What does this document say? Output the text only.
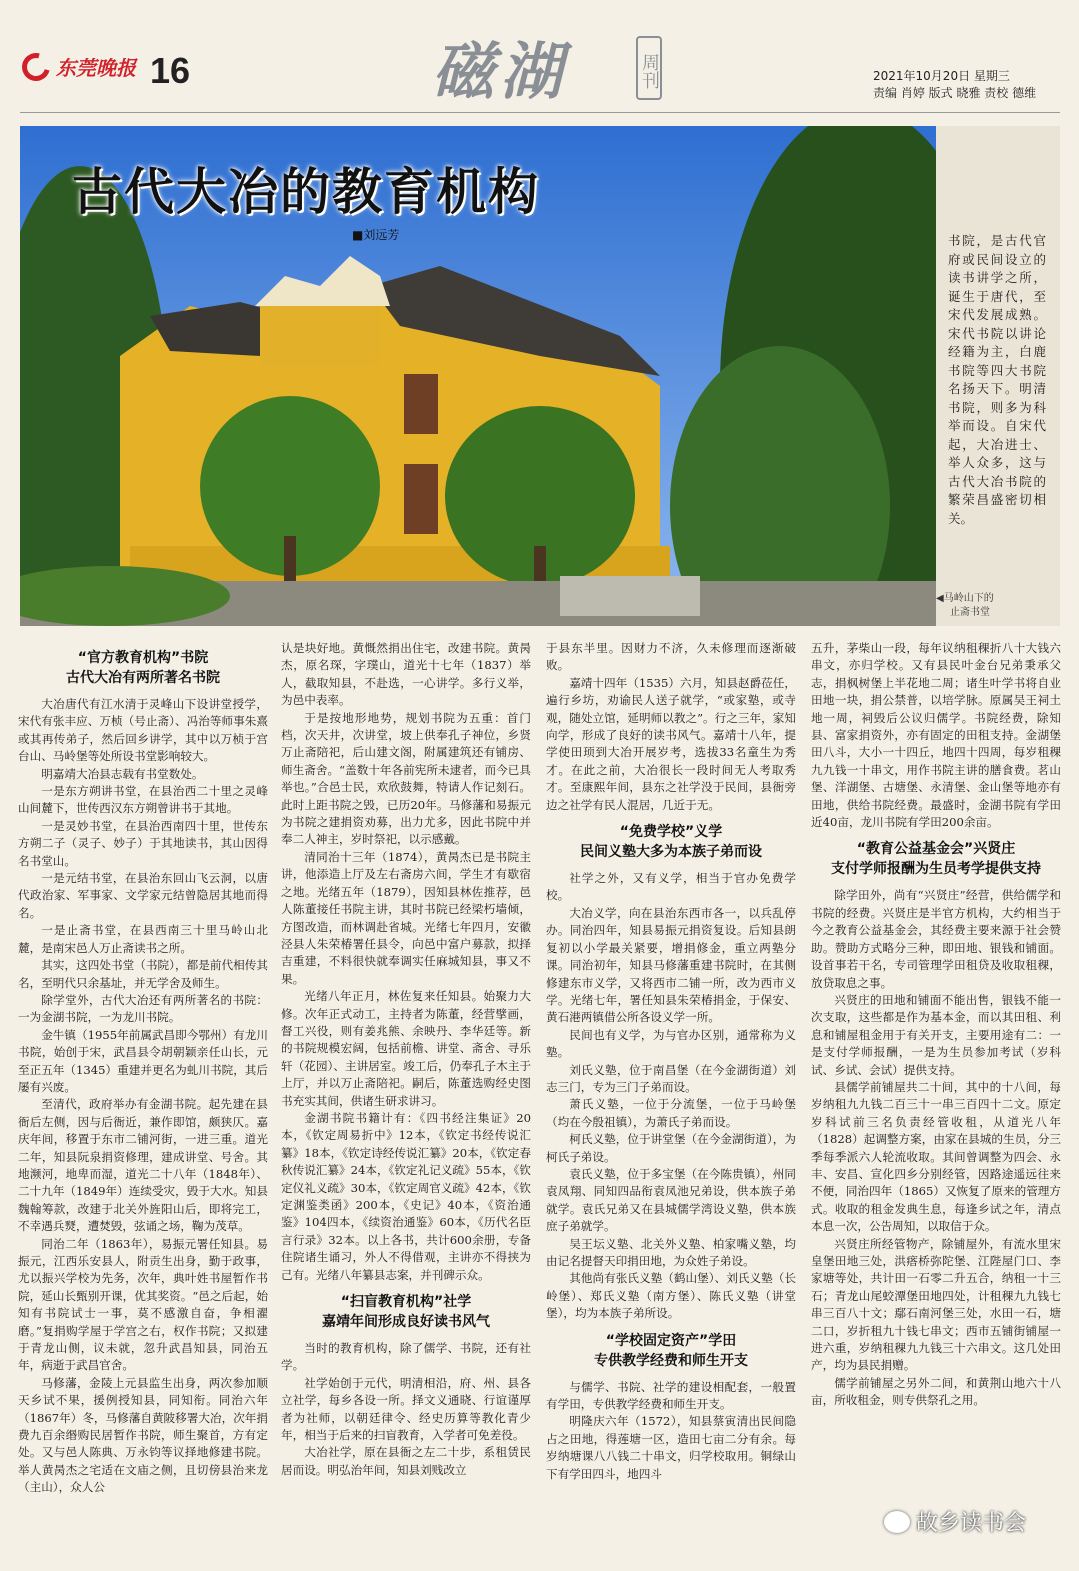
东莞晚报 16	磁湖	周刊	2021年10月20日 星期三
责编 肖婷 版式 晓雅 责校 德维
古代大冶的教育机构
■刘远芳	书院，是古代官府或民间设立的读书讲学之所，诞生于唐代，至宋代发展成熟。宋代书院以讲论经籍为主，白鹿书院等四大书院名扬天下。明清书院，则多为科举而设。自宋代起，大冶进士、举人众多，这与古代大冶书院的繁荣昌盛密切相关。
◀马岭山下的
止斋书堂
“官方教育机构”书院
古代大冶有两所著名书院

大冶唐代有江水清于灵峰山下设讲堂授学，宋代有张丰应、万桢（号止斋）、冯治等师事朱熹或其再传弟子，然后回乡讲学，其中以万桢于宫台山、马岭堡等处所设书堂影响较大。

明嘉靖大冶县志载有书堂数处。

一是东方朔讲书堂，在县治西二十里之灵峰山间麓下，世传西汉东方朔曾讲书于其地。

一是灵妙书堂，在县治西南四十里，世传东方朔二子（灵子、妙子）于其地读书，其山因得名书堂山。

一是元结书堂，在县治东回山飞云洞，以唐代政治家、军事家、文学家元结曾隐居其地而得名。

一是止斋书堂，在县西南三十里马岭山北麓，是南宋邑人万止斋读书之所。

其实，这四处书堂（书院），都是前代相传其名，至明代只余基址，并无学舍及师生。

除学堂外，古代大冶还有两所著名的书院：一为金湖书院，一为龙川书院。

金牛镇（1955年前属武昌即今鄂州）有龙川书院，始创于宋，武昌县令胡朝颖亲任山长，元至正五年（1345）重建并更名为虬川书院，其后屡有兴废。

至清代，政府举办有金湖书院。起先建在县衙后左侧，因与后衙近，兼作即馆，颇狭仄。嘉庆年间，移置于东市二铺河街，一进三重。道光二年，知县阮泉捐资修理，建成讲堂、号舍。其地濒河，地卑而湿，道光二十八年（1848年）、二十九年（1849年）连续受灾，毁于大水。知县魏翰筹款，改建于北关外旌阳山后，即将完工，不幸遇兵燹，遭焚毁，弦诵之场，鞠为茂草。

同治二年（1863年），易振元署任知县。易振元，江西乐安县人，附贡生出身，勤于政事，尤以振兴学校为先务，次年，典叶姓书屋暂作书院，延山长甄别开课，优其奖资。“邑之后起，始知有书院试士一事，莫不感激自奋，争相濯磨。”复捐购学屋于学宫之右，权作书院；又拟建于青龙山侧，议未就，忽升武昌知县，同治五年，病逝于武昌官舍。

马修藩，金陵上元县监生出身，两次参加顺天乡试不果，援例授知县，同知衔。同治六年（1867年）冬，马修藩自黄陂移署大冶，次年捐费九百余缗购民居暂作书院，师生聚首，方有定处。又与邑人陈典、万永钧等议择地修建书院。举人黄昺杰之宅适在文庙之侧，且切傍县治来龙（主山），众人公

认是块好地。黄慨然捐出住宅，改建书院。黄昺杰，原名琛，字璞山，道光十七年（1837）举人，截取知县，不赴选，一心讲学。多行义举，为邑中表率。

于是按地形地势，规划书院为五重：首门档，次天井，次讲堂，坡上供奉孔子神位，乡贤万止斋陪祀，后山建文阁，附属建筑还有铺房、师生斋舍。“盖数十年各前宪所未逮者，而今已具举也。”合邑士民，欢欣鼓舞，特请人作记刻石。此时上距书院之毁，已历20年。马修藩和易振元为书院之建捐资劝募，出力尤多，因此书院中并奉二人神主，岁时祭祀，以示感戴。

清同治十三年（1874），黄昺杰已是书院主讲，他添造上厅及左右斋房六间，学生才有歇宿之地。光绪五年（1879），因知县林佐推荐，邑人陈董接任书院主讲，其时书院已经梁朽墙倾，方图改造，而林调赴省城。光绪七年四月，安徽泾县人朱荣椿署任县令，向邑中富户募款，拟择吉重建，不料很快就奉调实任麻城知县，事又不果。

光绪八年正月，林佐复来任知县。始聚力大修。次年正式动工，主持者为陈董，经营擘画，督工兴役，则有姜兆熊、余映丹、李华廷等。新的书院规模宏阔，包括前檐、讲堂、斋舍、寻乐轩（花园）、主讲居室。竣工后，仍奉孔子木主于上厅，并以万止斋陪祀。嗣后，陈董选购经史图书充实其间，供诸生研求讲习。

金湖书院书籍计有：《四书经注集证》20本，《钦定周易折中》12本，《钦定书经传说汇纂》18本，《钦定诗经传说汇纂》20本，《钦定春秋传说汇纂》24本，《钦定礼记义疏》55本，《钦定仪礼义疏》30本，《钦定周官义疏》42本，《钦定渊鉴类函》200本，《史记》40本，《资治通鉴》104四本，《续资治通鉴》60本，《历代名臣言行录》32本。以上各书，共计600余册，专备住院诸生诵习，外人不得借观，主讲亦不得挟为己有。光绪八年纂县志案，并刊碑示众。

“扫盲教育机构”社学
嘉靖年间形成良好读书风气

当时的教育机构，除了儒学、书院，还有社学。

社学始创于元代，明清相沿，府、州、县各立社学，每乡各设一所。择文义通晓、行谊谨厚者为社师，以朝廷律令、经史历算等教化青少年，相当于后来的扫盲教育，入学者可免差役。

大冶社学，原在县衙之左二十步，系租赁民居而设。明弘治年间，知县刘贱改立

于县东半里。因财力不济，久未修理而逐渐破败。

嘉靖十四年（1535）六月，知县赵爵莅任，遍行乡坊，劝谕民人送子就学，“或家塾，或寺观，随处立馆，延明师以教之”。行之三年，家知向学，形成了良好的读书风气。嘉靖十八年，提学使田顼到大冶开展岁考，选拔33名童生为秀才。在此之前，大冶很长一段时间无人考取秀才。至康熙年间，县东之社学没于民间，县衙旁边之社学有民人混居，几近于无。

“免费学校”义学
民间义塾大多为本族子弟而设

社学之外，又有义学，相当于官办免费学校。

大冶义学，向在县治东西市各一，以兵乱停办。同治四年，知县易振元捐资复设。后知县朗复初以小学最关紧要，增捐修金，重立两塾分课。同治初年，知县马修藩重建书院时，在其侧修建东市义学，又将西市二铺一所，改为西市义学。光绪七年，署任知县朱荣椿捐金，于保安、黄石港两镇借公所各设义学一所。

民间也有义学，为与官办区别，通常称为义塾。

刘氏义塾，位于南昌堡（在今金湖街道）刘志三门，专为三门子弟而设。

萧氏义塾，一位于分流堡，一位于马岭堡（均在今殷祖镇），为萧氏子弟而设。

柯氏义塾，位于讲堂堡（在今金湖街道），为柯氏子弟设。

袁氏义塾，位于多宝堡（在今陈贵镇），州同袁凤翔、同知四品衔袁凤池兄弟设，供本族子弟就学。袁氏兄弟又在县城儒学湾设义塾，供本族庶子弟就学。

吴王坛义塾、北关外义塾、柏家嘴义塾，均由记名提督天印捐田地，为众姓子弟设。

其他尚有张氏义塾（鹤山堡）、刘氏义塾（长岭堡）、郑氏义塾（南方堡）、陈氏义塾（讲堂堡），均为本族子弟所设。

“学校固定资产”学田
专供教学经费和师生开支

与儒学、书院、社学的建设相配套，一般置有学田，专供教学经费和师生开支。

明隆庆六年（1572），知县蔡寅清出民间隐占之田地，得莲塘一区，造田七亩二分有余。每岁纳塘课八八钱二十串文，归学校取用。铜绿山下有学田四斗，地四斗

五升，茅柴山一段，每年议纳租稞折八十大钱六串文，亦归学校。又有县民叶金台兄弟秉承父志，捐枫树堡上半花地二周；诸生叶学书将自业田地一块，捐公禁普，以培学脉。原属吴王祠土地一周，祠毁后公议归儒学。书院经费，除知县、富家捐资外，亦有固定的田租支持。金湖堡田八斗，大小一十四丘，地四十四周，每岁租稞九九钱一十串文，用作书院主讲的膳食费。茗山堡、洋湖堡、古塘堡、永清堡、金山堡等地亦有田地，供给书院经费。最盛时，金湖书院有学田近40亩，龙川书院有学田200余亩。

“教育公益基金会”兴贤庄
支付学师报酬为生员考学提供支持

除学田外，尚有“兴贤庄”经营，供给儒学和书院的经费。兴贤庄是半官方机构，大约相当于今之教育公益基金会，其经费主要来源于社会赞助。赞助方式略分三种，即田地、银钱和铺面。设首事若干名，专司管理学田租贷及收取租稞，放贷取息之事。

兴贤庄的田地和铺面不能出售，银钱不能一次支取，这些都是作为基本金，而以其田租、利息和铺屋租金用于有关开支，主要用途有二：一是支付学师报酬，一是为生员参加考试（岁科试、乡试、会试）提供支持。

县儒学前铺屋共二十间，其中的十八间，每岁纳租九九钱二百三十一串三百四十二文。原定岁科试前三名负责经管收租，从道光八年（1828）起调整方案，由家在县城的生员，分三季每季派六人轮流收取。其间曾调整为四会、永丰、安昌、宣化四乡分别经管，因路途遥远往来不便，同治四年（1865）又恢复了原来的管理方式。收取的租金发典生息，每逢乡试之年，清点本息一次，公告周知，以取信于众。

兴贤庄所经管物产，除铺屋外，有流水里宋皇堡田地三处，洪瘩桥弥陀堡、江陛屋门口、李家塘等处，共计田一石零二升五合，纳租一十三石；青龙山尾蛟潭堡田地四处，计租稞九九钱七串三百八十文；鄢石南河堡三处，水田一石，塘二口，岁折租九十钱七串文；西市五铺街铺屋一进六重，岁纳租稞九九钱三十六串文。这几处田产，均为县民捐赠。

儒学前铺屋之另外二间，和黄荆山地六十八亩，所收租金，则专供祭孔之用。

故乡读书会
